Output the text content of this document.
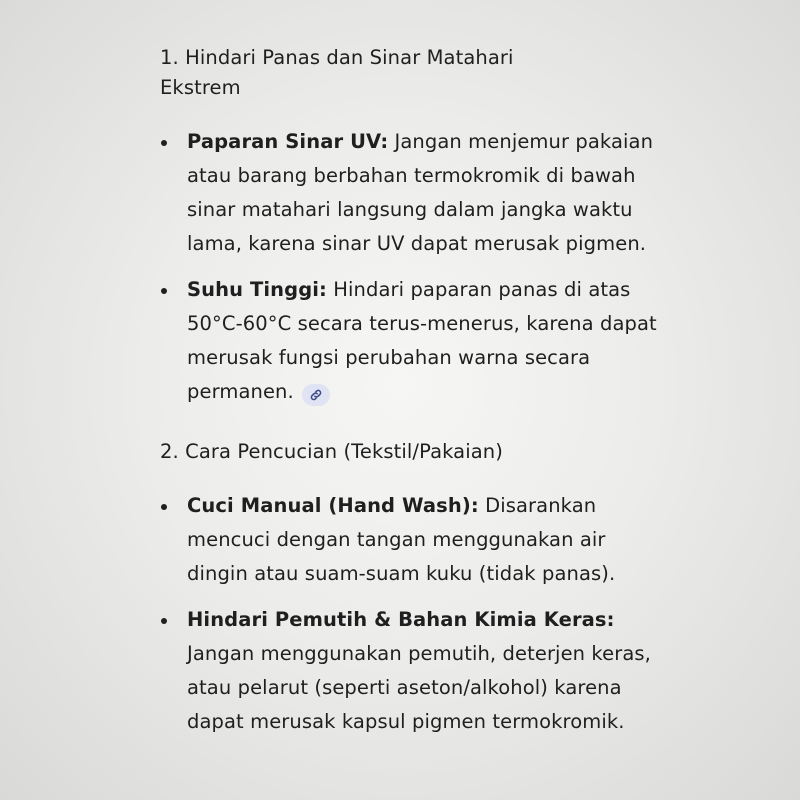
1. Hindari Panas dan Sinar Matahari
Ekstrem
Paparan Sinar UV: Jangan menjemur pakaian atau barang berbahan termokromik di bawah sinar matahari langsung dalam jangka waktu lama, karena sinar UV dapat merusak pigmen.
Suhu Tinggi: Hindari paparan panas di atas 50°C-60°C secara terus-menerus, karena dapat merusak fungsi perubahan warna secara permanen.
2. Cara Pencucian (Tekstil/Pakaian)
Cuci Manual (Hand Wash): Disarankan mencuci dengan tangan menggunakan air dingin atau suam-suam kuku (tidak panas).
Hindari Pemutih & Bahan Kimia Keras: Jangan menggunakan pemutih, deterjen keras, atau pelarut (seperti aseton/alkohol) karena dapat merusak kapsul pigmen termokromik.
